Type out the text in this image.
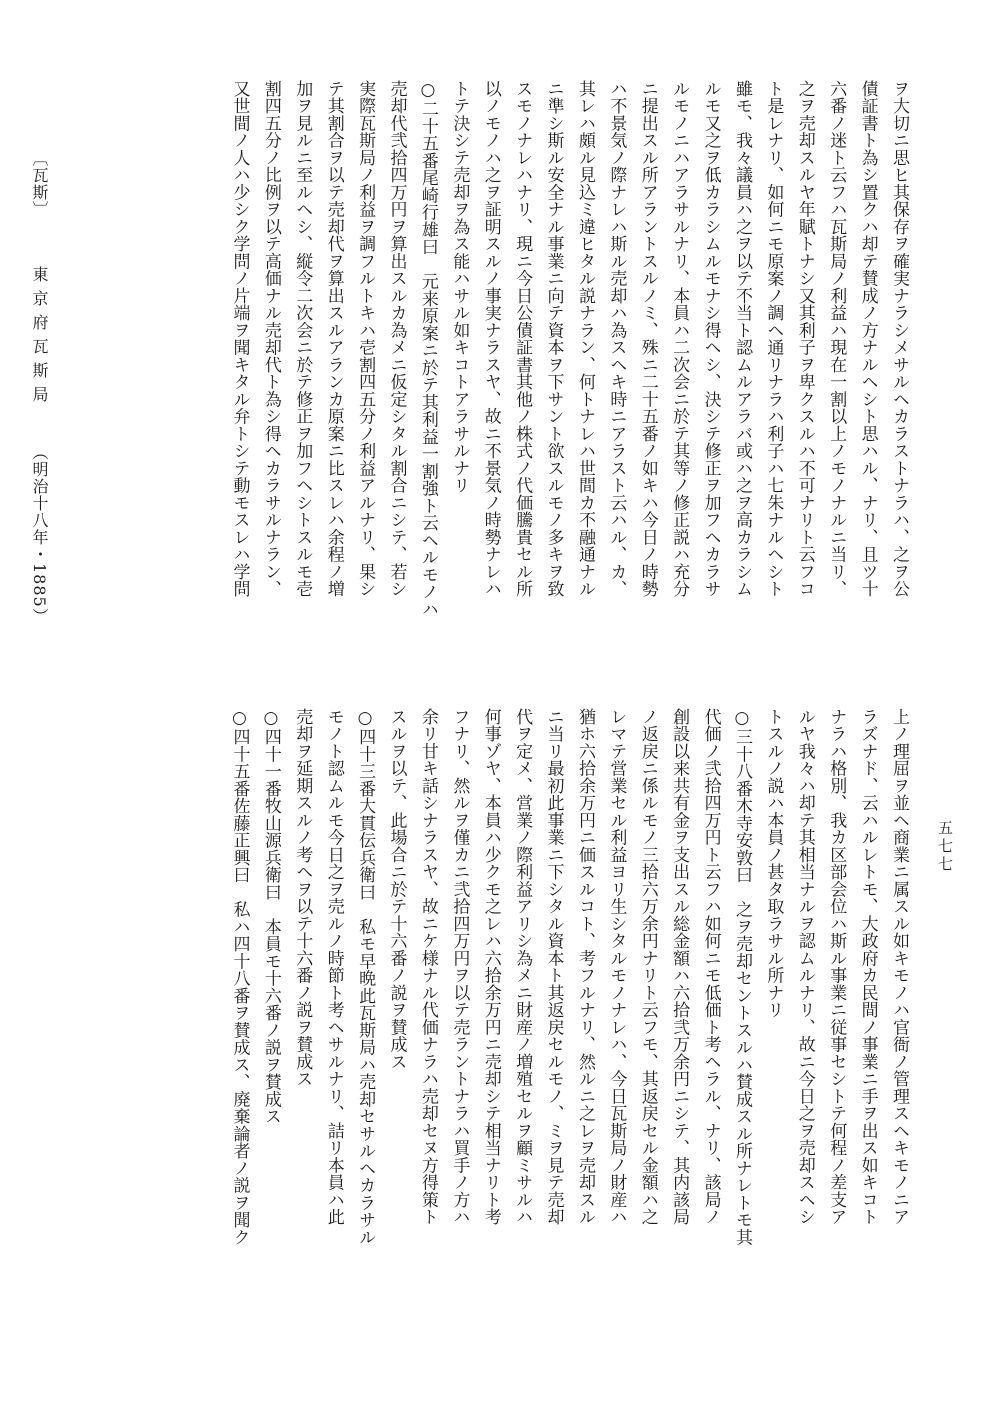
ヲ大切ニ思ヒ其保存ヲ確実ナラシメサルヘカラストナラハ、之ヲ公
債証書ト為シ置クハ却テ賛成ノ方ナルヘシト思ハル、ナリ、且ツ十
六番ノ迷ト云フハ瓦斯局ノ利益ハ現在一割以上ノモノナルニ当リ、
之ヲ売却スルヤ年賦トナシ又其利子ヲ卑クスルハ不可ナリト云フコ
ト是レナリ、如何ニモ原案ノ調ヘ通リナラハ利子ハ七朱ナルヘシト
雖モ、我々議員ハ之ヲ以テ不当ト認ムルアラバ或ハ之ヲ高カラシム
ルモ又之ヲ低カラシムルモナシ得ヘシ、決シテ修正ヲ加フヘカラサ
ルモノニハアラサルナリ、本員ハ二次会ニ於テ其等ノ修正説ハ充分
ニ提出スル所アラントスルノミ、殊ニ二十五番ノ如キハ今日ノ時勢
ハ不景気ノ際ナレハ斯ル売却ハ為スヘキ時ニアラスト云ハル、カ、
其レハ頗ル見込ミ違ヒタル説ナラン、何トナレハ世間カ不融通ナル
ニ準シ斯ル安全ナル事業ニ向テ資本ヲ下サント欲スルモノ多キヲ致
スモノナレハナリ、現ニ今日公債証書其他ノ株式ノ代価騰貴セル所
以ノモノハ之ヲ証明スルノ事実ナラスヤ、故ニ不景気ノ時勢ナレハ
トテ決シテ売却ヲ為ス能ハサル如キコトアラサルナリ
○二十五番尾崎行雄曰　元来原案ニ於テ其利益一割強ト云ヘルモノハ
売却代弐拾四万円ヲ算出スルカ為メニ仮定シタル割合ニシテ、若シ
実際瓦斯局ノ利益ヲ調フルトキハ壱割四五分ノ利益アルナリ、果シ
テ其割合ヲ以テ売却代ヲ算出スルアランカ原案ニ比スレハ余程ノ増
加ヲ見ルニ至ルヘシ、縦令二次会ニ於テ修正ヲ加フヘシトスルモ壱
割四五分ノ比例ヲ以テ高価ナル売却代ト為シ得ヘカラサルナラン、
又世間ノ人ハ少シク学問ノ片端ヲ聞キタル弁トシテ動モスレハ学問
上ノ理屈ヲ並ヘ商業ニ属スル如キモノハ官衙ノ管理スヘキモノニア
ラズナド、云ハルレトモ、大政府カ民間ノ事業ニ手ヲ出ス如キコト
ナラハ格別、我カ区部会位ハ斯ル事業ニ従事セシトテ何程ノ差支ア
ルヤ我々ハ却テ其相当ナルヲ認ムルナリ、故ニ今日之ヲ売却スヘシ
トスルノ説ハ本員ノ甚タ取ラサル所ナリ
○三十八番木寺安敦曰　之ヲ売却セントスルハ賛成スル所ナレトモ其
代価ノ弐拾四万円ト云フハ如何ニモ低価ト考ヘラル、ナリ、該局ノ
創設以来共有金ヲ支出スル総金額ハ六拾弐万余円ニシテ、其内該局
ノ返戻ニ係ルモノ三拾六万余円ナリト云フモ、其返戻セル金額ハ之
レマテ営業セル利益ヨリ生シタルモノナレハ、今日瓦斯局ノ財産ハ
猶ホ六拾余万円ニ価スルコト、考フルナリ、然ルニ之レヲ売却スル
ニ当リ最初此事業ニ下シタル資本ト其返戻セルモノ、ミヲ見テ売却
代ヲ定メ、営業ノ際利益アリシ為メニ財産ノ増殖セルヲ顧ミサルハ
何事ゾヤ、本員ハ少クモ之レハ六拾余万円ニ売却シテ相当ナリト考
フナリ、然ルヲ僅カニ弐拾四万円ヲ以テ売ラントナラハ買手ノ方ハ
余リ甘キ話シナラスヤ、故ニケ様ナル代価ナラハ売却セヌ方得策ト
スルヲ以テ、此場合ニ於テ十六番ノ説ヲ賛成ス
○四十三番大貫伝兵衛曰　私モ早晩此瓦斯局ハ売却セサルヘカラサル
モノト認ムルモ今日之ヲ売ルノ時節ト考ヘサルナリ、詰リ本員ハ此
売却ヲ延期スルノ考ヘヲ以テ十六番ノ説ヲ賛成ス
○四十一番牧山源兵衛曰　本員モ十六番ノ説ヲ賛成ス
○四十五番佐藤正興曰　私ハ四十八番ヲ賛成ス、廃棄論者ノ説ヲ聞ク	五七七
〔瓦斯〕 東京府瓦斯局 （明治十八年・1885）
